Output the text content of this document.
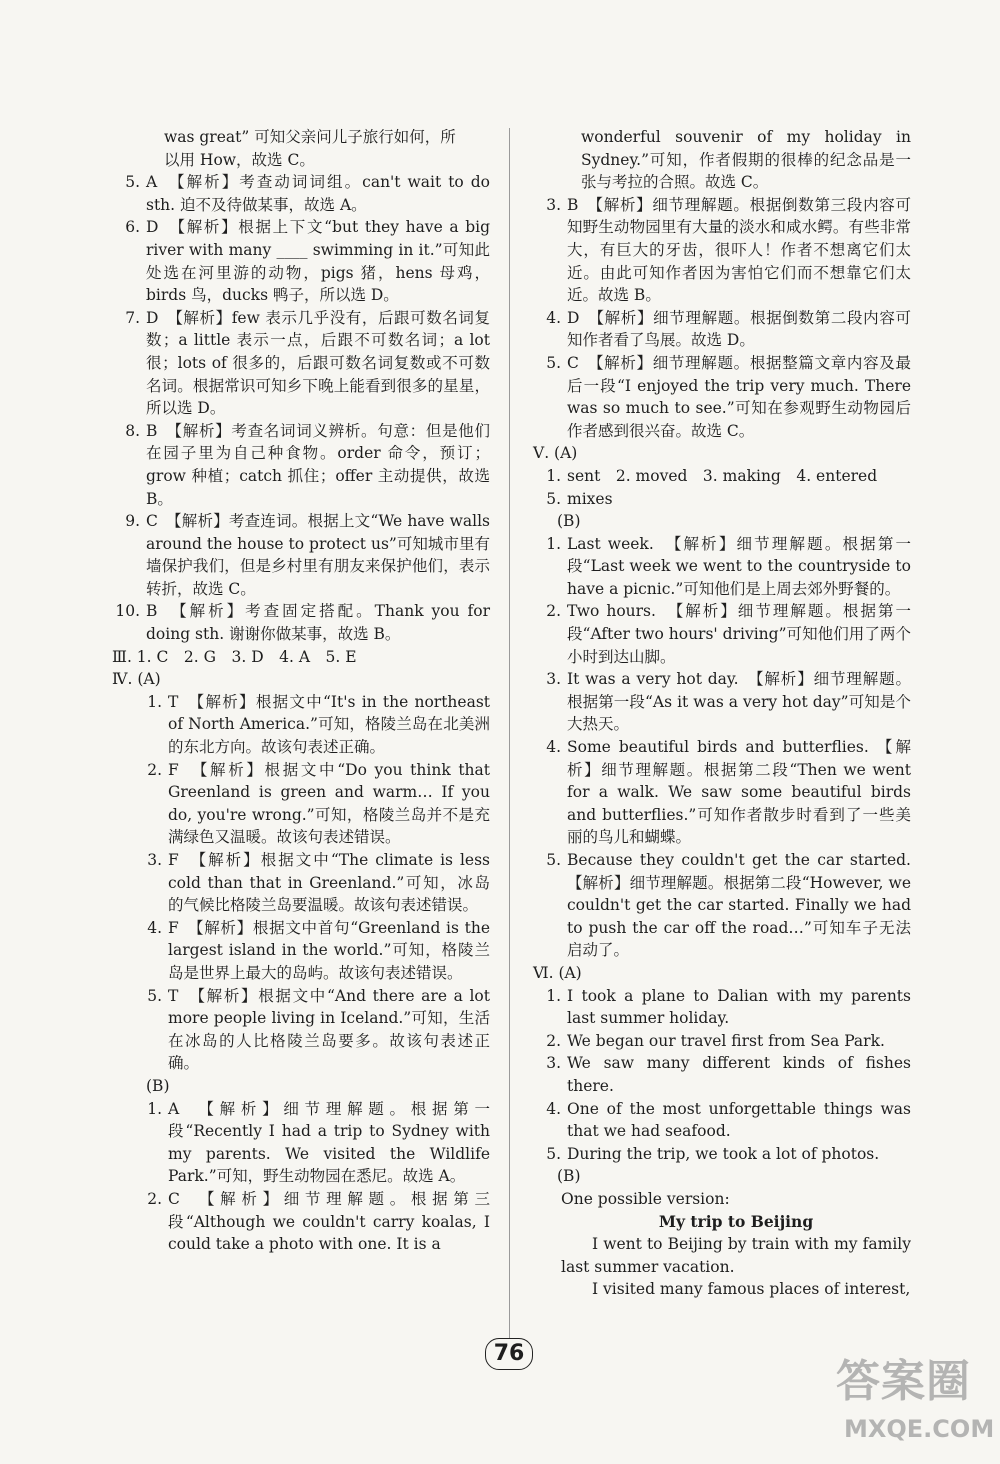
was great” 可知父亲问儿子旅行如何，所
以用 How，故选 C。
5. A　【解析】考查动词词组。can't wait to do sth. 迫不及待做某事，故选 A。
6. D　【解析】根据上下文“but they have a big river with many ____ swimming in it.”可知此处选在河里游的动物，pigs 猪，hens 母鸡，birds 鸟，ducks 鸭子，所以选 D。
7. D　【解析】few 表示几乎没有，后跟可数名词复数；a little 表示一点，后跟不可数名词；a lot 很；lots of 很多的，后跟可数名词复数或不可数名词。根据常识可知乡下晚上能看到很多的星星，所以选 D。
8. B　【解析】考查名词词义辨析。句意：但是他们在园子里为自己种食物。order 命令，预订；grow 种植；catch 抓住；offer 主动提供，故选 B。
9. C　【解析】考查连词。根据上文“We have walls around the house to protect us”可知城市里有墙保护我们，但是乡村里有朋友来保护他们，表示转折，故选 C。
10. B　【解析】考查固定搭配。Thank you for doing sth. 谢谢你做某事，故选 B。
Ⅲ. 1. C　2. G　3. D　4. A　5. E
Ⅳ. (A)
1. T　【解析】根据文中“It's in the northeast of North America.”可知，格陵兰岛在北美洲的东北方向。故该句表述正确。
2. F　【解析】根据文中“Do you think that Greenland is green and warm… If you do, you're wrong.”可知，格陵兰岛并不是充满绿色又温暖。故该句表述错误。
3. F　【解析】根据文中“The climate is less cold than that in Greenland.”可知，冰岛的气候比格陵兰岛要温暖。故该句表述错误。
4. F　【解析】根据文中首句“Greenland is the largest island in the world.”可知，格陵兰岛是世界上最大的岛屿。故该句表述错误。
5. T　【解析】根据文中“And there are a lot more people living in Iceland.”可知，生活在冰岛的人比格陵兰岛要多。故该句表述正确。
(B)
1. A　【解析】细节理解题。根据第一段“Recently I had a trip to Sydney with my parents. We visited the Wildlife Park.”可知，野生动物园在悉尼。故选 A。
2. C　【解析】细节理解题。根据第三段“Although we couldn't carry koalas, I could take a photo with one. It is a
wonderful souvenir of my holiday in Sydney.”可知，作者假期的很棒的纪念品是一张与考拉的合照。故选 C。
3. B　【解析】细节理解题。根据倒数第三段内容可知野生动物园里有大量的淡水和咸水鳄。有些非常大，有巨大的牙齿，很吓人！作者不想离它们太近。由此可知作者因为害怕它们而不想靠它们太近。故选 B。
4. D　【解析】细节理解题。根据倒数第二段内容可知作者看了鸟展。故选 D。
5. C　【解析】细节理解题。根据整篇文章内容及最后一段“I enjoyed the trip very much. There was so much to see.”可知在参观野生动物园后作者感到很兴奋。故选 C。
Ⅴ. (A)
1. sent　2. moved　3. making　4. entered
5. mixes
(B)
1. Last week.　【解析】细节理解题。根据第一段“Last week we went to the countryside to have a picnic.”可知他们是上周去郊外野餐的。
2. Two hours.　【解析】细节理解题。根据第一段“After two hours' driving”可知他们用了两个小时到达山脚。
3. It was a very hot day.　【解析】细节理解题。根据第一段“As it was a very hot day”可知是个大热天。
4. Some beautiful birds and butterflies. 【解析】细节理解题。根据第二段“Then we went for a walk. We saw some beautiful birds and butterflies.”可知作者散步时看到了一些美丽的鸟儿和蝴蝶。
5. Because they couldn't get the car started. 【解析】细节理解题。根据第二段“However, we couldn't get the car started. Finally we had to push the car off the road…”可知车子无法启动了。
Ⅵ. (A)
1. I took a plane to Dalian with my parents last summer holiday.
2. We began our travel first from Sea Park.
3. We saw many different kinds of fishes there.
4. One of the most unforgettable things was that we had seafood.
5. During the trip, we took a lot of photos.
(B)
One possible version:
My trip to Beijing
I went to Beijing by train with my family last summer vacation.
I visited many famous places of interest,
76
答案圈
MXQE.COM
